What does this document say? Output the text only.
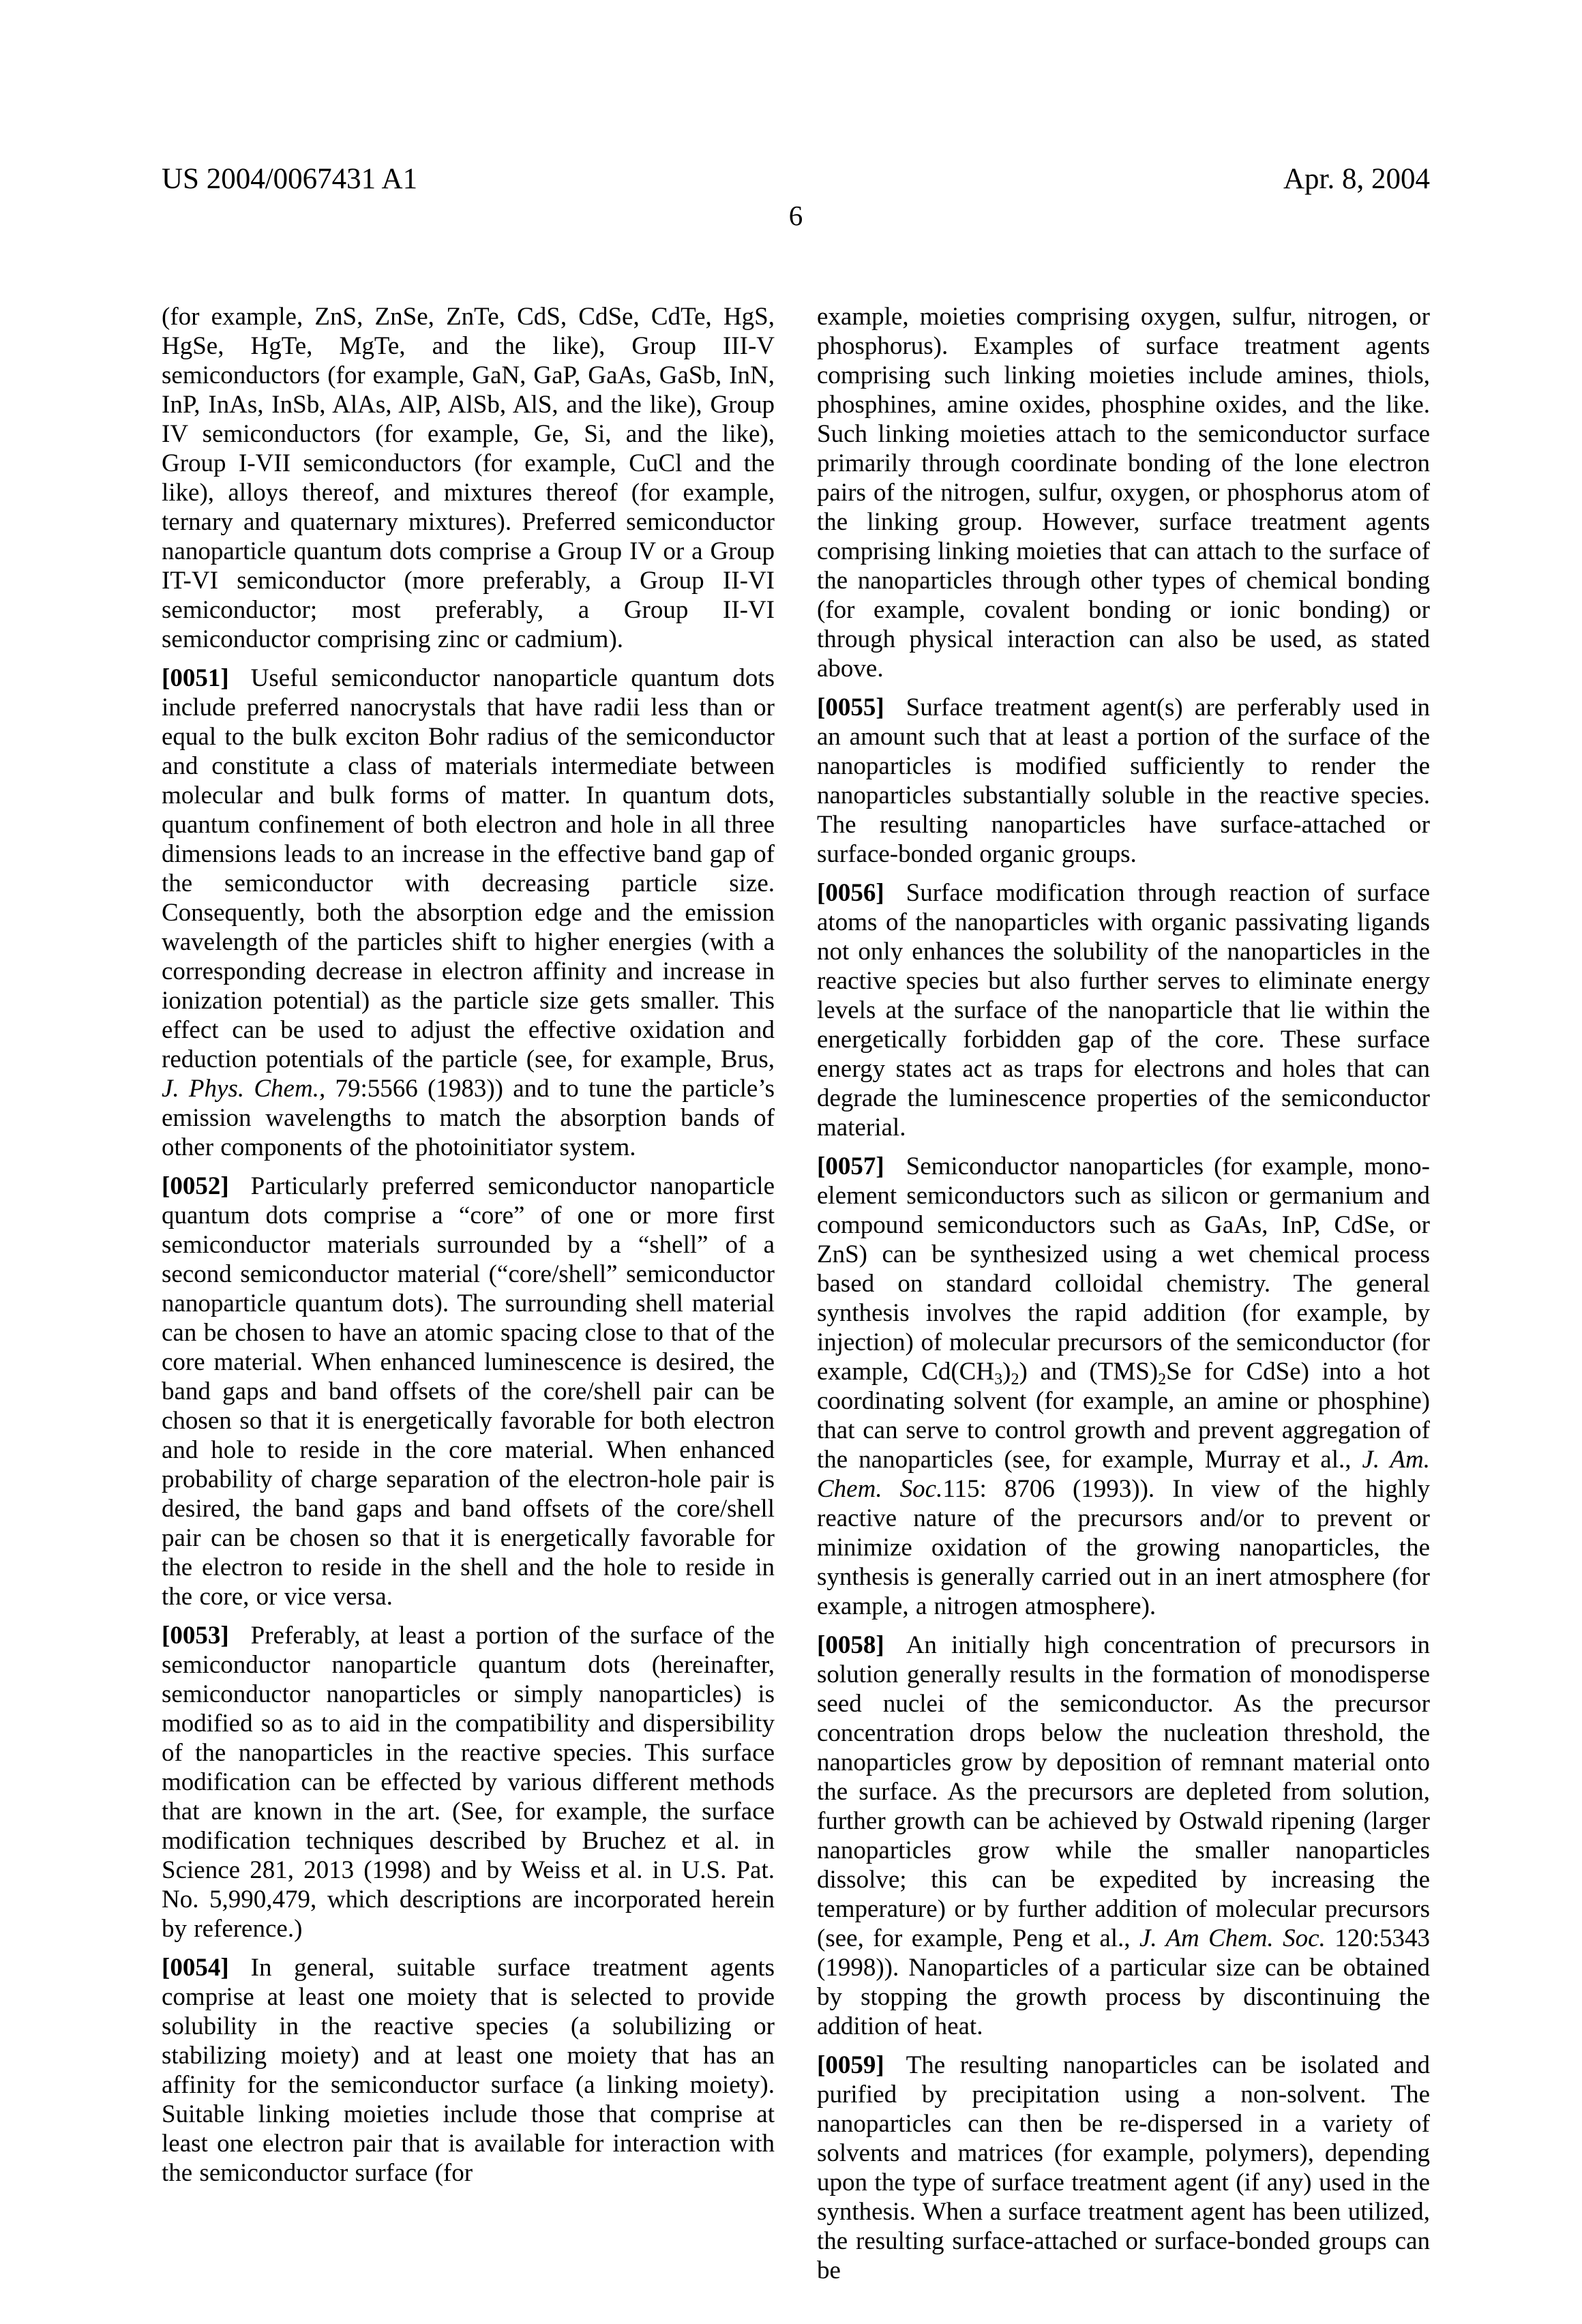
US 2004/0067431 A1	Apr. 8, 2004
6

(for example, ZnS, ZnSe, ZnTe, CdS, CdSe, CdTe, HgS, HgSe, HgTe, MgTe, and the like), Group III-V semiconductors (for example, GaN, GaP, GaAs, GaSb, InN, InP, InAs, InSb, AlAs, AlP, AlSb, AlS, and the like), Group IV semiconductors (for example, Ge, Si, and the like), Group I-VII semiconductors (for example, CuCl and the like), alloys thereof, and mixtures thereof (for example, ternary and quaternary mixtures). Preferred semiconductor nanoparticle quantum dots comprise a Group IV or a Group IT-VI semiconductor (more preferably, a Group II-VI semiconductor; most preferably, a Group II-VI semiconductor comprising zinc or cadmium).

[0051] Useful semiconductor nanoparticle quantum dots include preferred nanocrystals that have radii less than or equal to the bulk exciton Bohr radius of the semiconductor and constitute a class of materials intermediate between molecular and bulk forms of matter. In quantum dots, quantum confinement of both electron and hole in all three dimensions leads to an increase in the effective band gap of the semiconductor with decreasing particle size. Consequently, both the absorption edge and the emission wavelength of the particles shift to higher energies (with a corresponding decrease in electron affinity and increase in ionization potential) as the particle size gets smaller. This effect can be used to adjust the effective oxidation and reduction potentials of the particle (see, for example, Brus, J. Phys. Chem., 79:5566 (1983)) and to tune the particle’s emission wavelengths to match the absorption bands of other components of the photoinitiator system.

[0052] Particularly preferred semiconductor nanoparticle quantum dots comprise a “core” of one or more first semiconductor materials surrounded by a “shell” of a second semiconductor material (“core/shell” semiconductor nanoparticle quantum dots). The surrounding shell material can be chosen to have an atomic spacing close to that of the core material. When enhanced luminescence is desired, the band gaps and band offsets of the core/shell pair can be chosen so that it is energetically favorable for both electron and hole to reside in the core material. When enhanced probability of charge separation of the electron-hole pair is desired, the band gaps and band offsets of the core/shell pair can be chosen so that it is energetically favorable for the electron to reside in the shell and the hole to reside in the core, or vice versa.

[0053] Preferably, at least a portion of the surface of the semiconductor nanoparticle quantum dots (hereinafter, semiconductor nanoparticles or simply nanoparticles) is modified so as to aid in the compatibility and dispersibility of the nanoparticles in the reactive species. This surface modification can be effected by various different methods that are known in the art. (See, for example, the surface modification techniques described by Bruchez et al. in Science 281, 2013 (1998) and by Weiss et al. in U.S. Pat. No. 5,990,479, which descriptions are incorporated herein by reference.)

[0054] In general, suitable surface treatment agents comprise at least one moiety that is selected to provide solubility in the reactive species (a solubilizing or stabilizing moiety) and at least one moiety that has an affinity for the semiconductor surface (a linking moiety). Suitable linking moieties include those that comprise at least one electron pair that is available for interaction with the semiconductor surface (for

example, moieties comprising oxygen, sulfur, nitrogen, or phosphorus). Examples of surface treatment agents comprising such linking moieties include amines, thiols, phosphines, amine oxides, phosphine oxides, and the like. Such linking moieties attach to the semiconductor surface primarily through coordinate bonding of the lone electron pairs of the nitrogen, sulfur, oxygen, or phosphorus atom of the linking group. However, surface treatment agents comprising linking moieties that can attach to the surface of the nanoparticles through other types of chemical bonding (for example, covalent bonding or ionic bonding) or through physical interaction can also be used, as stated above.

[0055] Surface treatment agent(s) are perferably used in an amount such that at least a portion of the surface of the nanoparticles is modified sufficiently to render the nanoparticles substantially soluble in the reactive species. The resulting nanoparticles have surface-attached or surface-bonded organic groups.

[0056] Surface modification through reaction of surface atoms of the nanoparticles with organic passivating ligands not only enhances the solubility of the nanoparticles in the reactive species but also further serves to eliminate energy levels at the surface of the nanoparticle that lie within the energetically forbidden gap of the core. These surface energy states act as traps for electrons and holes that can degrade the luminescence properties of the semiconductor material.

[0057] Semiconductor nanoparticles (for example, mono-element semiconductors such as silicon or germanium and compound semiconductors such as GaAs, InP, CdSe, or ZnS) can be synthesized using a wet chemical process based on standard colloidal chemistry. The general synthesis involves the rapid addition (for example, by injection) of molecular precursors of the semiconductor (for example, $Cd(CH_3)_2$) and $(TMS)_2Se$ for CdSe) into a hot coordinating solvent (for example, an amine or phosphine) that can serve to control growth and prevent aggregation of the nanoparticles (see, for example, Murray et al., J. Am. Chem. Soc.115: 8706 (1993)). In view of the highly reactive nature of the precursors and/or to prevent or minimize oxidation of the growing nanoparticles, the synthesis is generally carried out in an inert atmosphere (for example, a nitrogen atmosphere).

[0058] An initially high concentration of precursors in solution generally results in the formation of monodisperse seed nuclei of the semiconductor. As the precursor concentration drops below the nucleation threshold, the nanoparticles grow by deposition of remnant material onto the surface. As the precursors are depleted from solution, further growth can be achieved by Ostwald ripening (larger nanoparticles grow while the smaller nanoparticles dissolve; this can be expedited by increasing the temperature) or by further addition of molecular precursors (see, for example, Peng et al., J. Am Chem. Soc. 120:5343 (1998)). Nanoparticles of a particular size can be obtained by stopping the growth process by discontinuing the addition of heat.

[0059] The resulting nanoparticles can be isolated and purified by precipitation using a non-solvent. The nanoparticles can then be re-dispersed in a variety of solvents and matrices (for example, polymers), depending upon the type of surface treatment agent (if any) used in the synthesis. When a surface treatment agent has been utilized, the resulting surface-attached or surface-bonded groups can be
